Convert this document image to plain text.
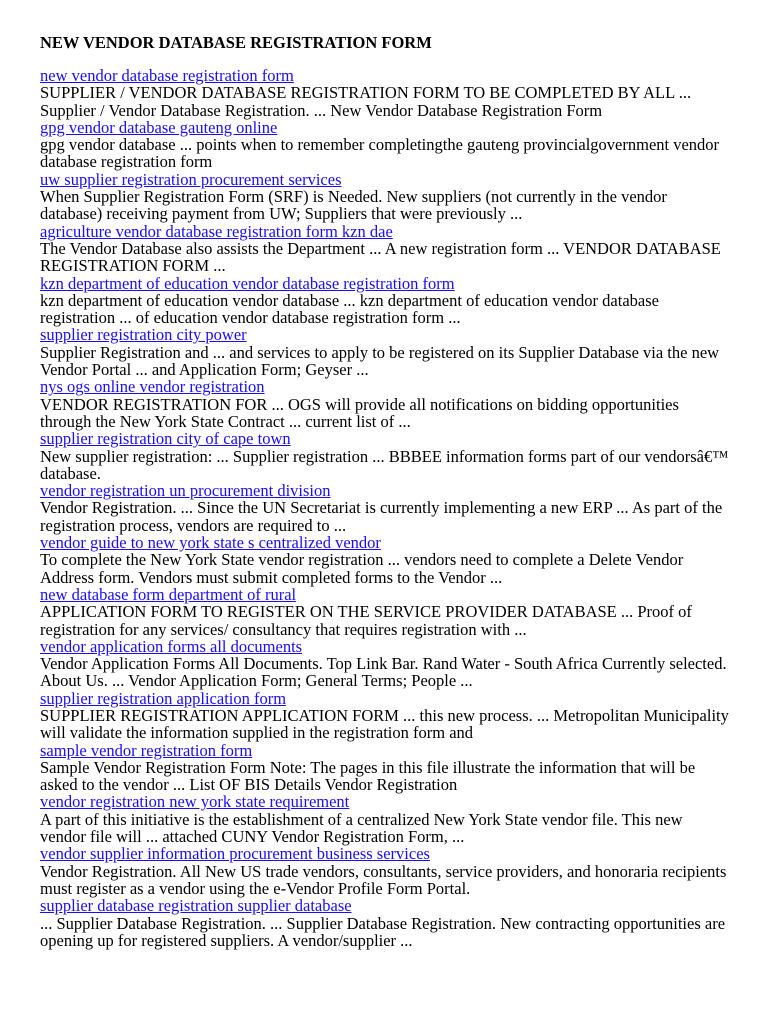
NEW VENDOR DATABASE REGISTRATION FORM
new vendor database registration form

SUPPLIER / VENDOR DATABASE REGISTRATION FORM TO BE COMPLETED BY ALL ... Supplier / Vendor Database Registration. ... New Vendor Database Registration Form

gpg vendor database gauteng online

gpg vendor database ... points when to remember completingthe gauteng provincialgovernment vendor database registration form

uw supplier registration procurement services

When Supplier Registration Form (SRF) is Needed. New suppliers (not currently in the vendor database) receiving payment from UW; Suppliers that were previously ...

agriculture vendor database registration form kzn dae

The Vendor Database also assists the Department ... A new registration form ... VENDOR DATABASE REGISTRATION FORM ...

kzn department of education vendor database registration form

kzn department of education vendor database ... kzn department of education vendor database registration ... of education vendor database registration form ...

supplier registration city power

Supplier Registration and ... and services to apply to be registered on its Supplier Database via the new Vendor Portal ... and Application Form; Geyser ...

nys ogs online vendor registration

VENDOR REGISTRATION FOR ... OGS will provide all notifications on bidding opportunities through the New York State Contract ... current list of ...

supplier registration city of cape town

New supplier registration: ... Supplier registration ... BBBEE information forms part of our vendorsâ€™ database.

vendor registration un procurement division

Vendor Registration. ... Since the UN Secretariat is currently implementing a new ERP ... As part of the registration process, vendors are required to ...

vendor guide to new york state s centralized vendor

To complete the New York State vendor registration ... vendors need to complete a Delete Vendor Address form. Vendors must submit completed forms to the Vendor ...

new database form department of rural

APPLICATION FORM TO REGISTER ON THE SERVICE PROVIDER DATABASE ... Proof of registration for any services/ consultancy that requires registration with ...

vendor application forms all documents

Vendor Application Forms All Documents. Top Link Bar. Rand Water - South Africa Currently selected. About Us. ... Vendor Application Form; General Terms; People ...

supplier registration application form

SUPPLIER REGISTRATION APPLICATION FORM ... this new process. ... Metropolitan Municipality will validate the information supplied in the registration form and

sample vendor registration form

Sample Vendor Registration Form Note: The pages in this file illustrate the information that will be asked to the vendor ... List OF BIS Details Vendor Registration

vendor registration new york state requirement

A part of this initiative is the establishment of a centralized New York State vendor file. This new vendor file will ... attached CUNY Vendor Registration Form, ...

vendor supplier information procurement business services

Vendor Registration. All New US trade vendors, consultants, service providers, and honoraria recipients must register as a vendor using the e-Vendor Profile Form Portal.

supplier database registration supplier database

... Supplier Database Registration. ... Supplier Database Registration. New contracting opportunities are opening up for registered suppliers. A vendor/supplier ...
